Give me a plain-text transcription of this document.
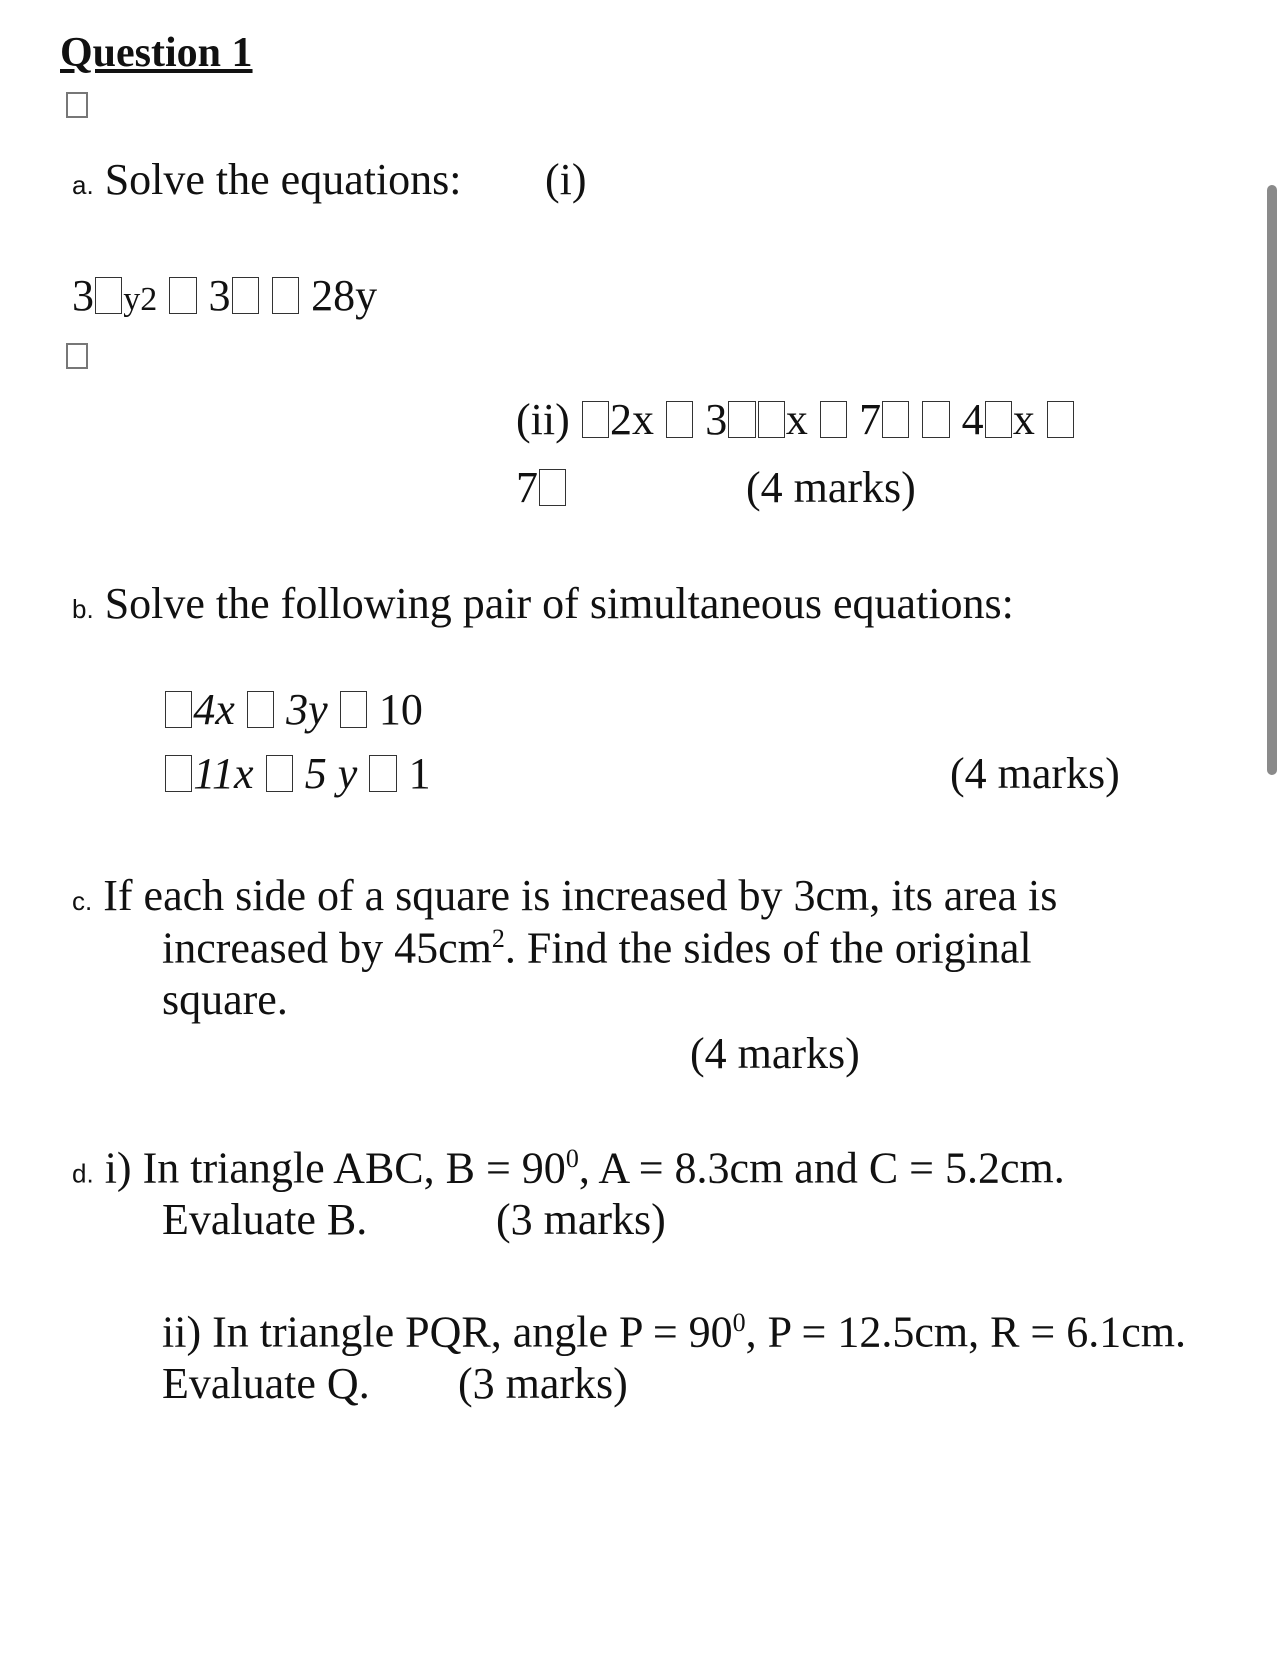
Question 1
a. Solve the equations: (i)
3 y2 3 28y
(ii) 2x 3 x 7 4 x
7	(4 marks)
b. Solve the following pair of simultaneous equations:
4x 3y 10
11x 5 y 1	(4 marks)
c. If each side of a square is increased by 3cm, its area is
increased by $45cm^2$. Find the sides of the original
square.
(4 marks)
d. i) In triangle ABC, $B = 90^0$, A = 8.3cm and C = 5.2cm.
Evaluate B.	(3 marks)
ii) In triangle PQR, angle $P = 90^0$, P = 12.5cm, R = 6.1cm.
Evaluate Q. (3 marks)
